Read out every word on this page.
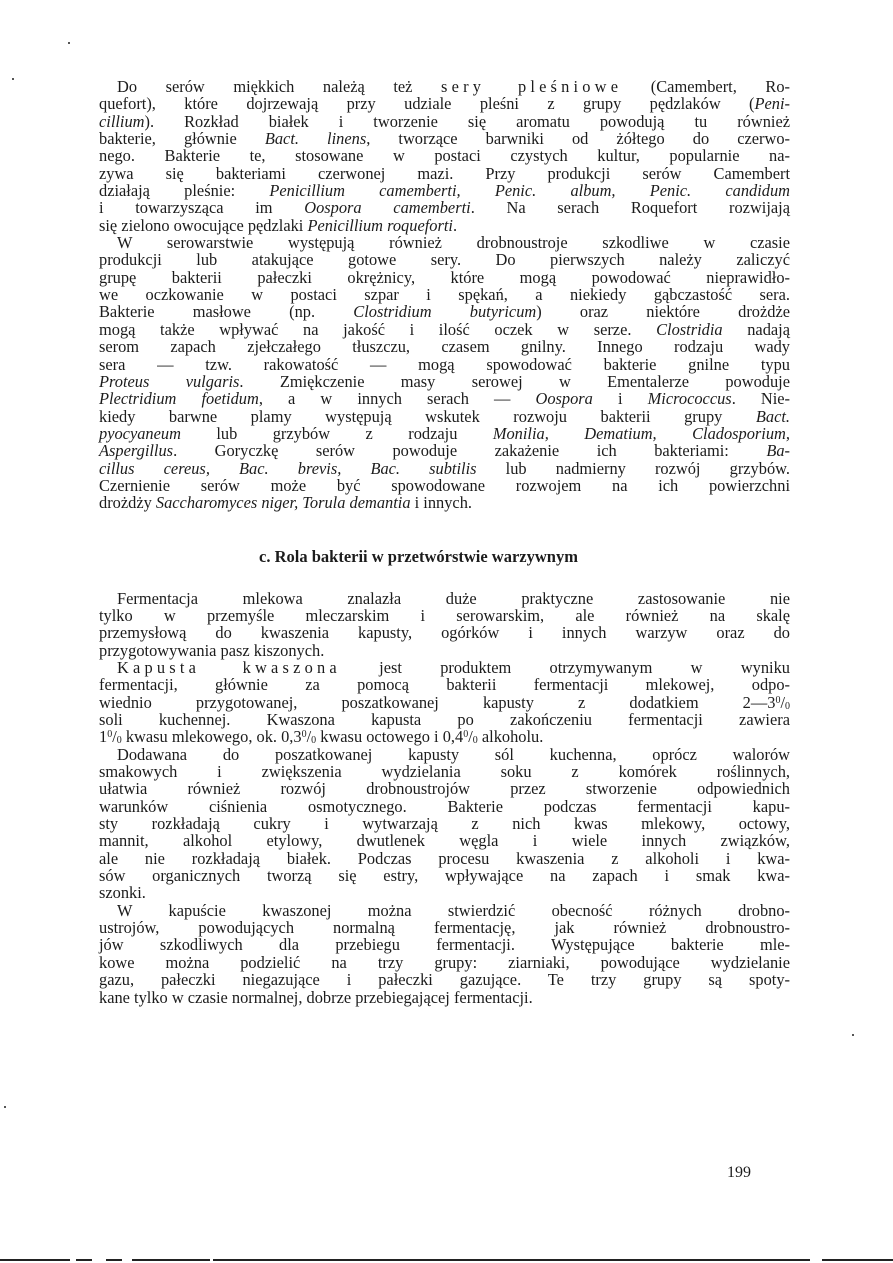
Do serów miękkich należą też sery pleśniowe (Camembert, Ro-
quefort), które dojrzewają przy udziale pleśni z grupy pędzlaków (Peni-
cillium). Rozkład białek i tworzenie się aromatu powodują tu również
bakterie, głównie Bact. linens, tworzące barwniki od żółtego do czerwo-
nego. Bakterie te, stosowane w postaci czystych kultur, popularnie na-
zywa się bakteriami czerwonej mazi. Przy produkcji serów Camembert
działają pleśnie: Penicillium camemberti, Penic. album, Penic. candidum
i towarzysząca im Oospora camemberti. Na serach Roquefort rozwijają
się zielono owocujące pędzlaki Penicillium roqueforti.
W serowarstwie występują również drobnoustroje szkodliwe w czasie
produkcji lub atakujące gotowe sery. Do pierwszych należy zaliczyć
grupę bakterii pałeczki okrężnicy, które mogą powodować nieprawidło-
we oczkowanie w postaci szpar i spękań, a niekiedy gąbczastość sera.
Bakterie masłowe (np. Clostridium butyricum) oraz niektóre drożdże
mogą także wpływać na jakość i ilość oczek w serze. Clostridia nadają
serom zapach zjełczałego tłuszczu, czasem gnilny. Innego rodzaju wady
sera — tzw. rakowatość — mogą spowodować bakterie gnilne typu
Proteus vulgaris. Zmiękczenie masy serowej w Ementalerze powoduje
Plectridium foetidum, a w innych serach — Oospora i Micrococcus. Nie-
kiedy barwne plamy występują wskutek rozwoju bakterii grupy Bact.
pyocyaneum lub grzybów z rodzaju Monilia, Dematium, Cladosporium,
Aspergillus. Goryczkę serów powoduje zakażenie ich bakteriami: Ba-
cillus cereus, Bac. brevis, Bac. subtilis lub nadmierny rozwój grzybów.
Czernienie serów może być spowodowane rozwojem na ich powierzchni
drożdży Saccharomyces niger, Torula demantia i innych.
c. Rola bakterii w przetwórstwie warzywnym
Fermentacja mlekowa znalazła duże praktyczne zastosowanie nie
tylko w przemyśle mleczarskim i serowarskim, ale również na skalę
przemysłową do kwaszenia kapusty, ogórków i innych warzyw oraz do
przygotowywania pasz kiszonych.
Kapusta kwaszona jest produktem otrzymywanym w wyniku
fermentacji, głównie za pomocą bakterii fermentacji mlekowej, odpo-
wiednio przygotowanej, poszatkowanej kapusty z dodatkiem $2—3^0/0$
soli kuchennej. Kwaszona kapusta po zakończeniu fermentacji zawiera
$1^0/0$ kwasu mlekowego, ok. $0,3^0/0$ kwasu octowego i $0,4^0/0$ alkoholu.
Dodawana do poszatkowanej kapusty sól kuchenna, oprócz walorów
smakowych i zwiększenia wydzielania soku z komórek roślinnych,
ułatwia również rozwój drobnoustrojów przez stworzenie odpowiednich
warunków ciśnienia osmotycznego. Bakterie podczas fermentacji kapu-
sty rozkładają cukry i wytwarzają z nich kwas mlekowy, octowy,
mannit, alkohol etylowy, dwutlenek węgla i wiele innych związków,
ale nie rozkładają białek. Podczas procesu kwaszenia z alkoholi i kwa-
sów organicznych tworzą się estry, wpływające na zapach i smak kwa-
szonki.
W kapuście kwaszonej można stwierdzić obecność różnych drobno-
ustrojów, powodujących normalną fermentację, jak również drobnoustro-
jów szkodliwych dla przebiegu fermentacji. Występujące bakterie mle-
kowe można podzielić na trzy grupy: ziarniaki, powodujące wydzielanie
gazu, pałeczki niegazujące i pałeczki gazujące. Te trzy grupy są spoty-
kane tylko w czasie normalnej, dobrze przebiegającej fermentacji.
199
